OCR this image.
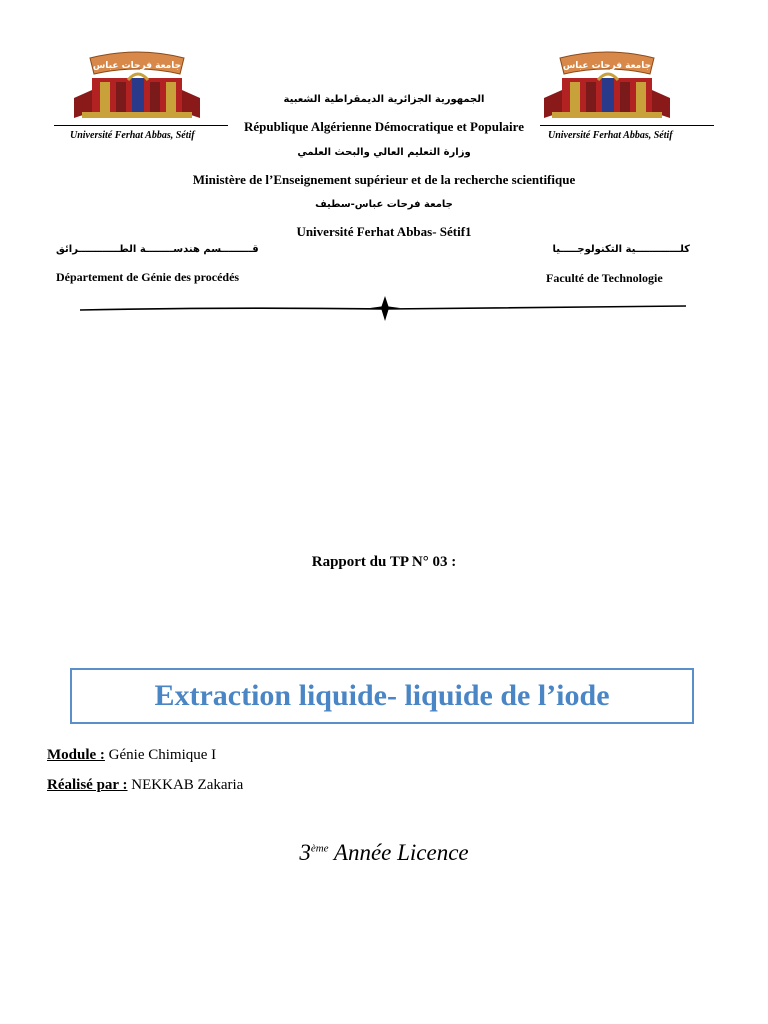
جامعة فرحات عباس
Université Ferhat Abbas, Sétif
جامعة فرحات عباس
Université Ferhat Abbas, Sétif
الجمهورية الجزائرية الديمقراطية الشعبية
République Algérienne Démocratique et Populaire
وزارة التعليم العالي والبحث العلمي
Ministère de l’Enseignement supérieur et de la recherche scientifique
جامعة فرحات عباس-سطيف
Université Ferhat Abbas- Sétif1
قـــــــــسم هندســــــــة الطــــــــــــرائق	كلـــــــــــــية التكنولوجـــــيا
Département de Génie des procédés	Faculté de Technologie
Rapport du TP N° 03 :
Extraction liquide- liquide de l’iode
Module : Génie Chimique I
Réalisé par : NEKKAB Zakaria
3ème Année Licence
